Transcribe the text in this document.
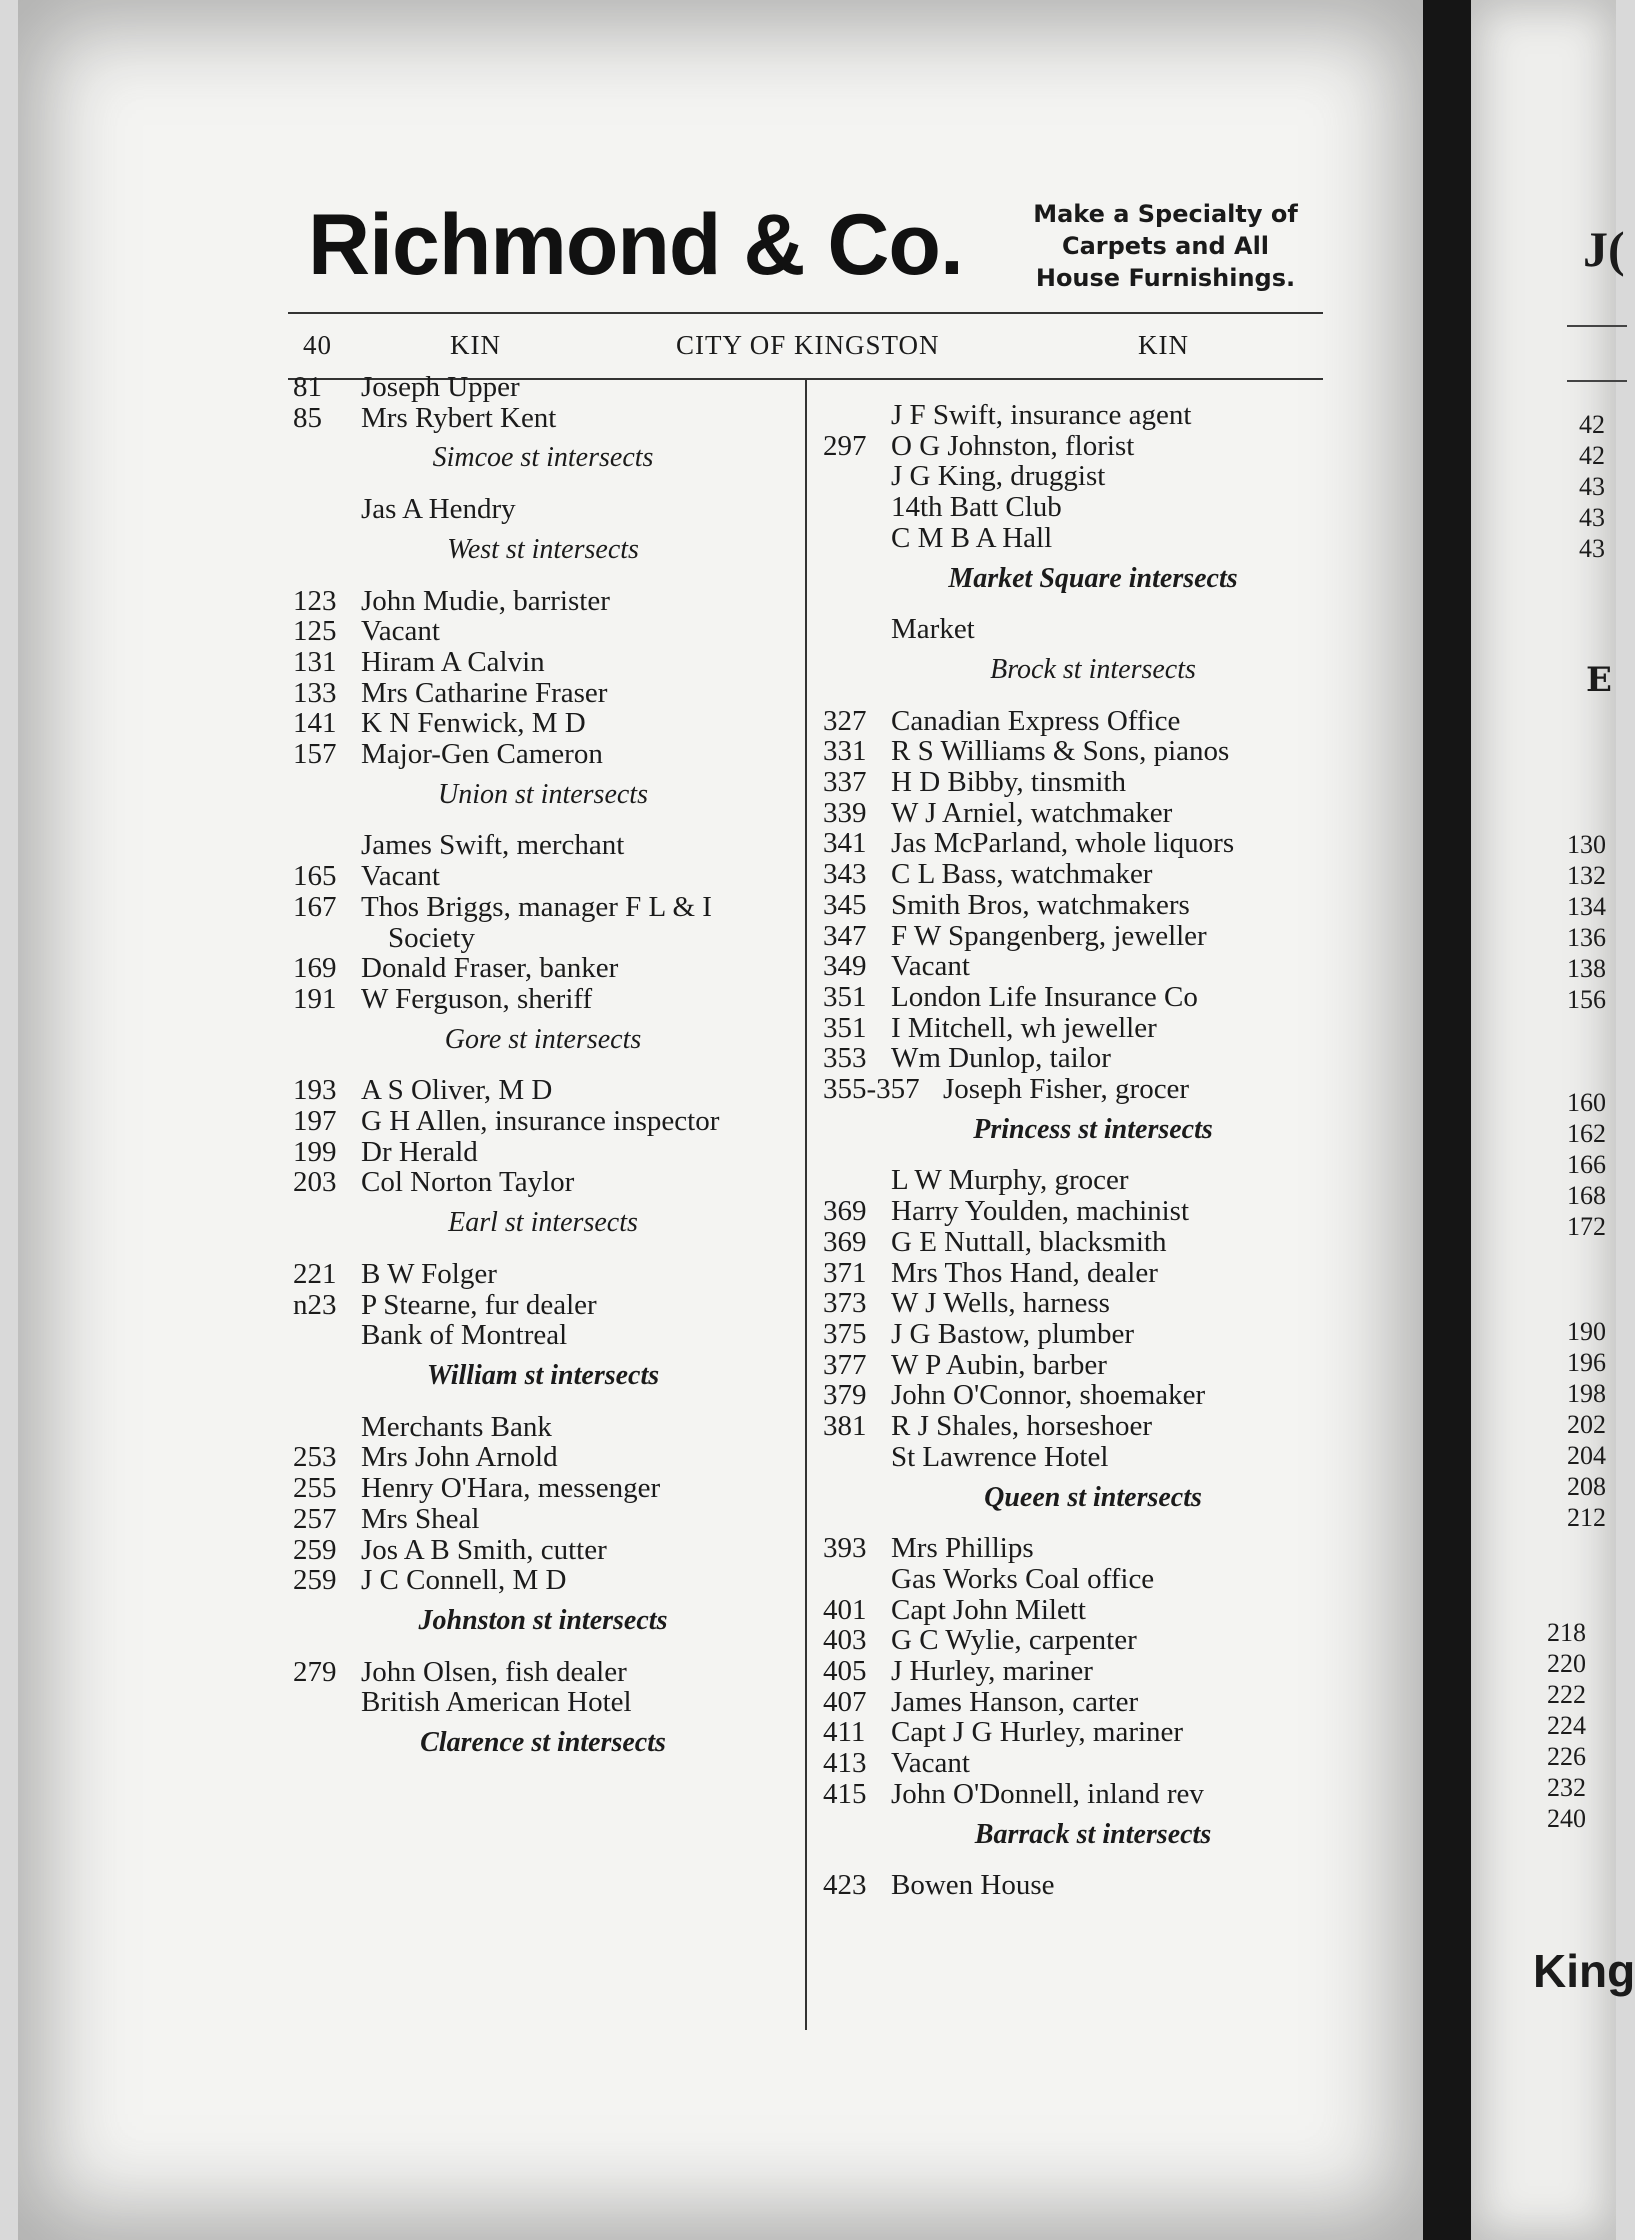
Richmond & Co.	Make a Specialty of
Carpets and All
House Furnishings.
40	KIN	CITY OF KINGSTON	KIN
81	Joseph Upper
85	Mrs Rybert Kent
Simcoe st intersects
Jas A Hendry
West st intersects
123 John Mudie, barrister
125 Vacant
131 Hiram A Calvin
133 Mrs Catharine Fraser
141 K N Fenwick, M D
157 Major-Gen Cameron
Union st intersects
James Swift, merchant
165 Vacant
167 Thos Briggs, manager F L & I
Society
169 Donald Fraser, banker
191 W Ferguson, sheriff
Gore st intersects
193 A S Oliver, M D
197 G H Allen, insurance inspector
199 Dr Herald
203 Col Norton Taylor
Earl st intersects
221 B W Folger
n23 P Stearne, fur dealer
Bank of Montreal
William st intersects
Merchants Bank
253 Mrs John Arnold
255 Henry O'Hara, messenger
257 Mrs Sheal
259 Jos A B Smith, cutter
259 J C Connell, M D
Johnston st intersects
279 John Olsen, fish dealer
British American Hotel
Clarence st intersects
J F Swift, insurance agent
297 O G Johnston, florist
J G King, druggist
14th Batt Club
C M B A Hall
Market Square intersects
Market
Brock st intersects
327 Canadian Express Office
331 R S Williams & Sons, pianos
337 H D Bibby, tinsmith
339 W J Arniel, watchmaker
341 Jas McParland, whole liquors
343 C L Bass, watchmaker
345 Smith Bros, watchmakers
347 F W Spangenberg, jeweller
349 Vacant
351 London Life Insurance Co
351 I Mitchell, wh jeweller
353 Wm Dunlop, tailor
355-357 Joseph Fisher, grocer
Princess st intersects
L W Murphy, grocer
369 Harry Youlden, machinist
369 G E Nuttall, blacksmith
371 Mrs Thos Hand, dealer
373 W J Wells, harness
375 J G Bastow, plumber
377 W P Aubin, barber
379 John O'Connor, shoemaker
381 R J Shales, horseshoer
St Lawrence Hotel
Queen st intersects
393 Mrs Phillips
Gas Works Coal office
401 Capt John Milett
403 G C Wylie, carpenter
405 J Hurley, mariner
407 James Hanson, carter
411 Capt J G Hurley, mariner
413 Vacant
415 John O'Donnell, inland rev
Barrack st intersects
423 Bowen House
J(
E
42
42
43
43
43
130
132
134
136
138
156
160
162
166
168
172
190
196
198
202
204
208
212
218
220
222
224
226
232
240
King
